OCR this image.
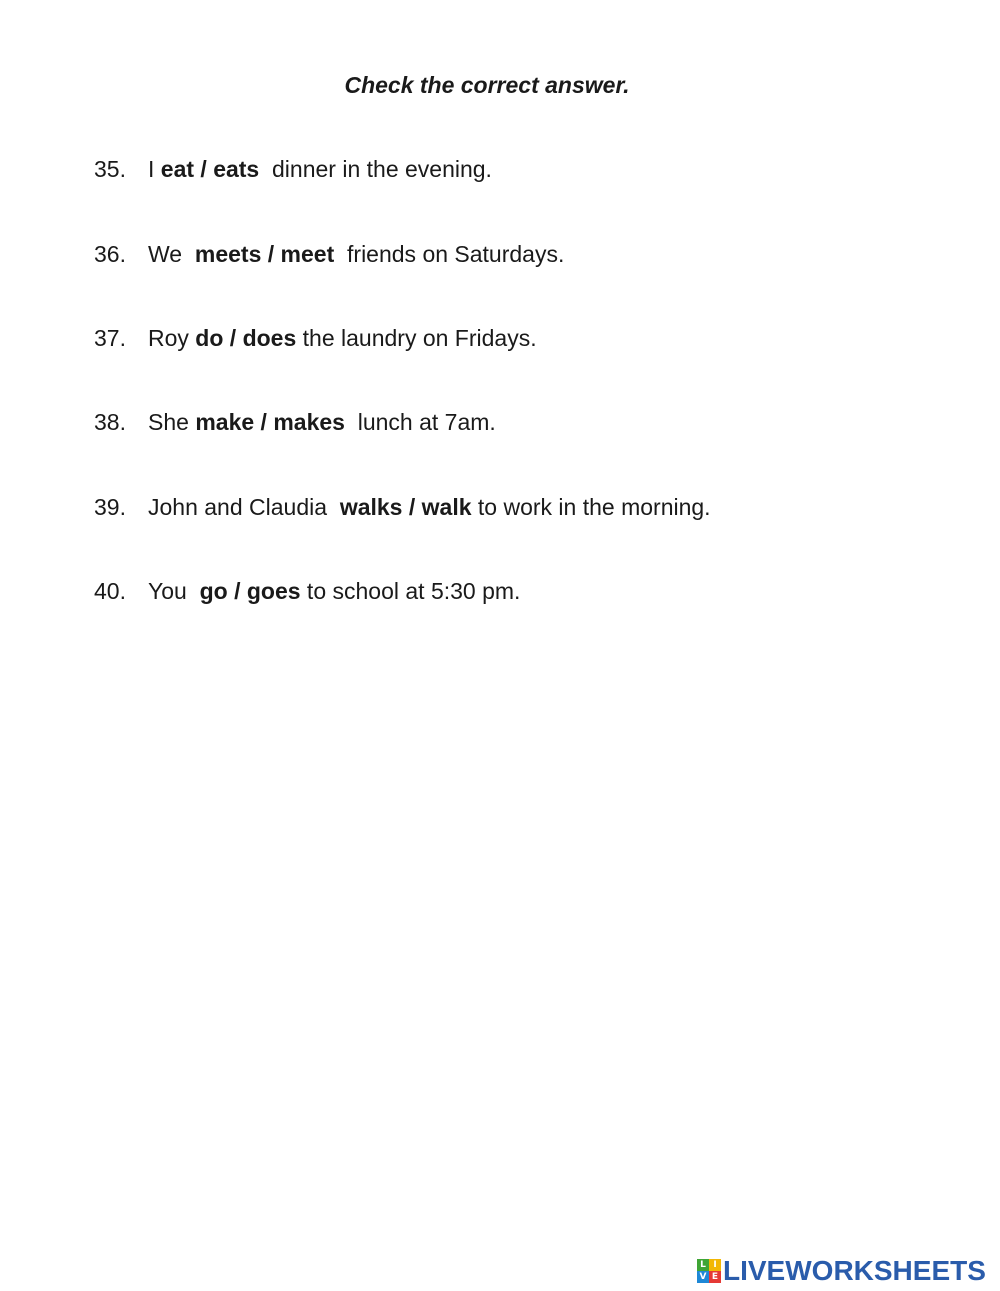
Check the correct answer.
35. I eat / eats  dinner in the evening.
36. We  meets / meet  friends on Saturdays.
37. Roy do / does the laundry on Fridays.
38. She make / makes  lunch at 7am.
39. John and Claudia  walks / walk to work in the morning.
40. You  go / goes to school at 5:30 pm.
L I
V E LIVEWORKSHEETS
